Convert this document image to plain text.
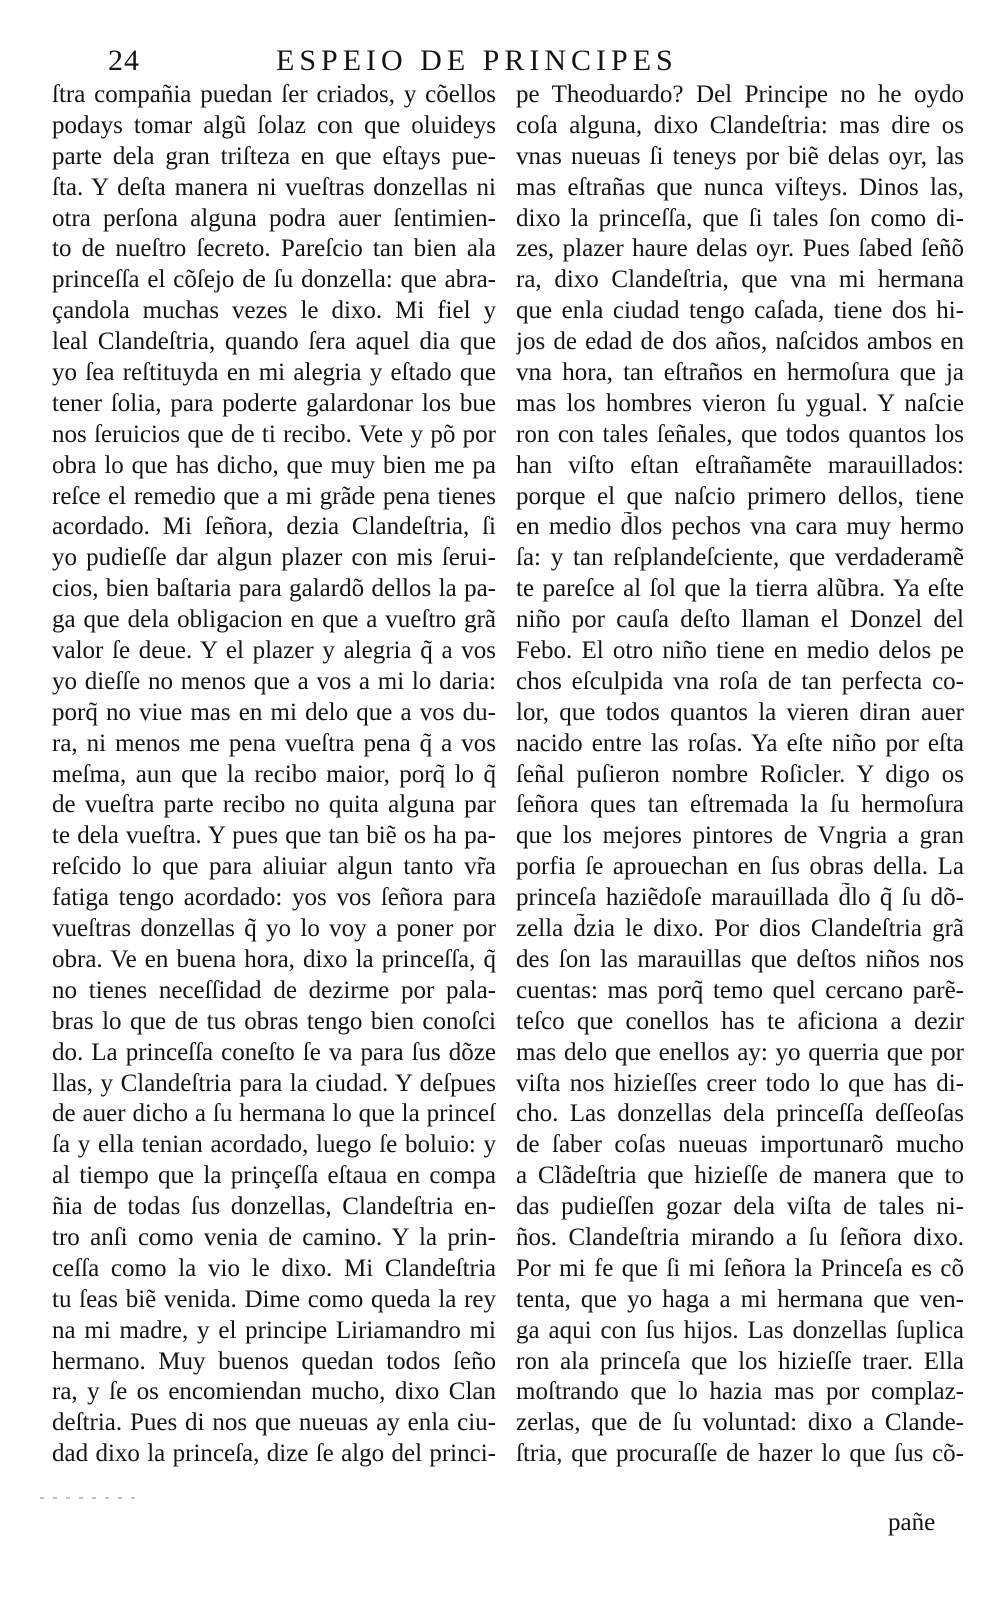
24	ESPEIO DE PRINCIPES
ſtra compañia puedan ſer criados, y cõellos
podays tomar algũ ſolaz con que oluideys
parte dela gran triſteza en que eſtays pue-
ſta. Y deſta manera ni vueſtras donzellas ni
otra perſona alguna podra auer ſentimien-
to de nueſtro ſecreto. Pareſcio tan bien ala
princeſſa el cõſejo de ſu donzella: que abra-
çandola muchas vezes le dixo. Mi fiel y
leal Clandeſtria, quando ſera aquel dia que
yo ſea reſtituyda en mi alegria y eſtado que
tener ſolia, para poderte galardonar los bue
nos ſeruicios que de ti recibo. Vete y põ por
obra lo que has dicho, que muy bien me pa
reſce el remedio que a mi grãde pena tienes
acordado. Mi ſeñora, dezia Clandeſtria, ſi
yo pudieſſe dar algun plazer con mis ſerui-
cios, bien baſtaria para galardõ dellos la pa-
ga que dela obligacion en que a vueſtro grã
valor ſe deue. Y el plazer y alegria q̃ a vos
yo dieſſe no menos que a vos a mi lo daria:
porq̃ no viue mas en mi delo que a vos du-
ra, ni menos me pena vueſtra pena q̃ a vos
meſma, aun que la recibo maior, porq̃ lo q̃
de vueſtra parte recibo no quita alguna par
te dela vueſtra. Y pues que tan biẽ os ha pa-
reſcido lo que para aliuiar algun tanto vr̃a
fatiga tengo acordado: yos vos ſeñora para
vueſtras donzellas q̃ yo lo voy a poner por
obra. Ve en buena hora, dixo la princeſſa, q̃
no tienes neceſſidad de dezirme por pala-
bras lo que de tus obras tengo bien conoſci
do. La princeſſa coneſto ſe va para ſus dõze
llas, y Clandeſtria para la ciudad. Y deſpues
de auer dicho a ſu hermana lo que la princeſ
ſa y ella tenian acordado, luego ſe boluio: y
al tiempo que la prinçeſſa eſtaua en compa
ñia de todas ſus donzellas, Clandeſtria en-
tro anſi como venia de camino. Y la prin-
ceſſa como la vio le dixo. Mi Clandeſtria
tu ſeas biẽ venida. Dime como queda la rey
na mi madre, y el principe Liriamandro mi
hermano. Muy buenos quedan todos ſeño
ra, y ſe os encomiendan mucho, dixo Clan
deſtria. Pues di nos que nueuas ay enla ciu-
dad dixo la princeſa, dize ſe algo del princi-
pe Theoduardo? Del Principe no he oydo
coſa alguna, dixo Clandeſtria: mas dire os
vnas nueuas ſi teneys por biẽ delas oyr, las
mas eſtrañas que nunca viſteys. Dinos las,
dixo la princeſſa, que ſi tales ſon como di-
zes, plazer haure delas oyr. Pues ſabed ſeñõ
ra, dixo Clandeſtria, que vna mi hermana
que enla ciudad tengo caſada, tiene dos hi-
jos de edad de dos años, naſcidos ambos en
vna hora, tan eſtraños en hermoſura que ja
mas los hombres vieron ſu ygual. Y naſcie
ron con tales ſeñales, que todos quantos los
han viſto eſtan eſtrañamẽte marauillados:
porque el que naſcio primero dellos, tiene
en medio d̃los pechos vna cara muy hermo
ſa: y tan reſplandeſciente, que verdaderamẽ
te pareſce al ſol que la tierra alũbra. Ya eſte
niño por cauſa deſto llaman el Donzel del
Febo. El otro niño tiene en medio delos pe
chos eſculpida vna roſa de tan perfecta co-
lor, que todos quantos la vieren diran auer
nacido entre las roſas. Ya eſte niño por eſta
ſeñal puſieron nombre Roſicler. Y digo os
ſeñora ques tan eſtremada la ſu hermoſura
que los mejores pintores de Vngria a gran
porfia ſe aprouechan en ſus obras della. La
princeſa haziẽdoſe marauillada d̃lo q̃ ſu dõ-
zella d̃zia le dixo. Por dios Clandeſtria grã
des ſon las marauillas que deſtos niños nos
cuentas: mas porq̃ temo quel cercano parẽ-
teſco que conellos has te aficiona a dezir
mas delo que enellos ay: yo querria que por
viſta nos hizieſſes creer todo lo que has di-
cho. Las donzellas dela princeſſa deſſeoſas
de ſaber coſas nueuas importunarõ mucho
a Clãdeſtria que hizieſſe de manera que to
das pudieſſen gozar dela viſta de tales ni-
ños. Clandeſtria mirando a ſu ſeñora dixo.
Por mi fe que ſi mi ſeñora la Princeſa es cõ
tenta, que yo haga a mi hermana que ven-
ga aqui con ſus hijos. Las donzellas ſuplica
ron ala princeſa que los hizieſſe traer. Ella
moſtrando que lo hazia mas por complaz-
zerlas, que de ſu voluntad: dixo a Clande-
ſtria, que procuraſſe de hazer lo que ſus cõ-
pañe
